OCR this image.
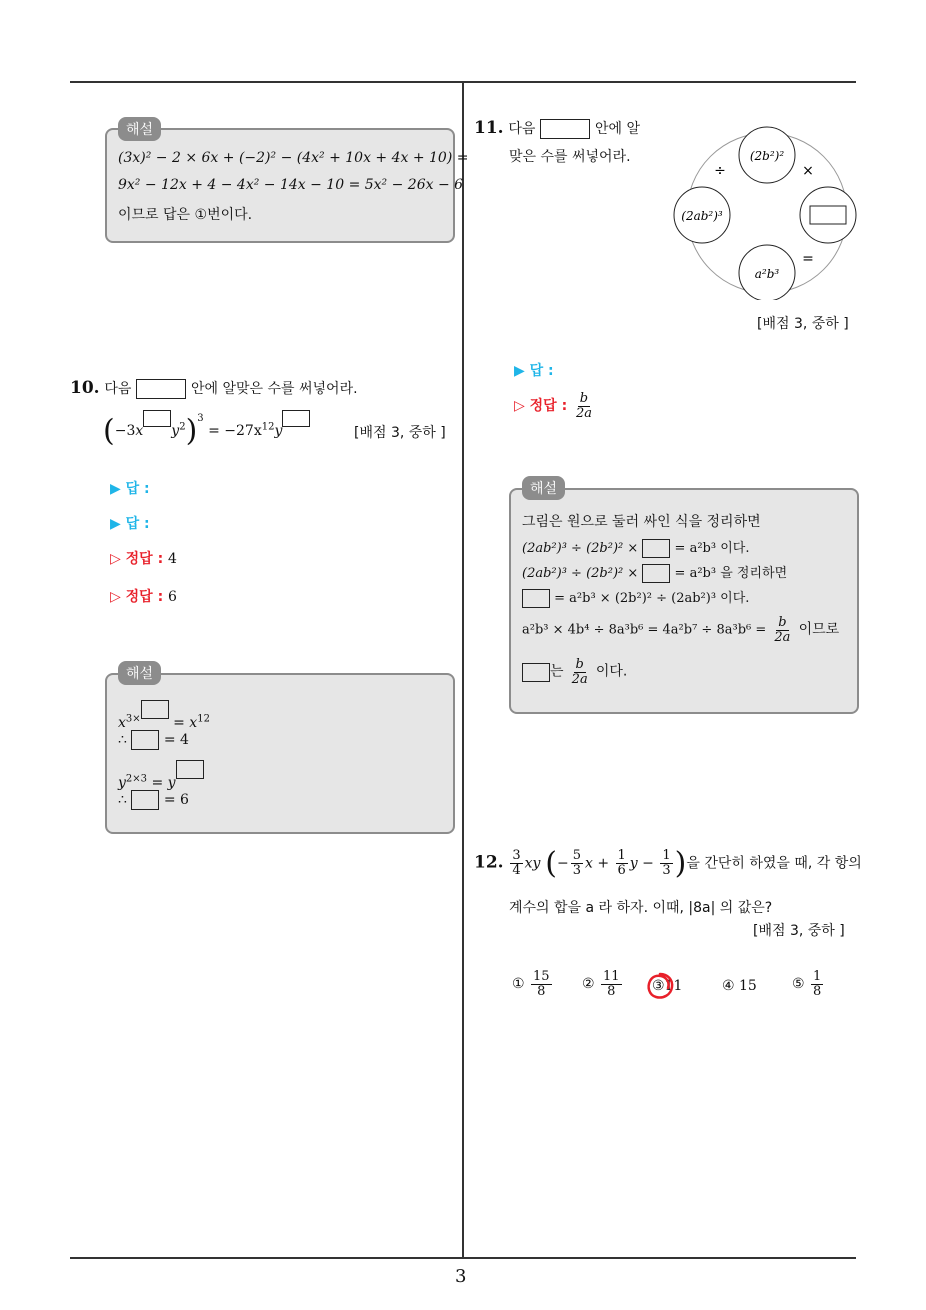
3
해설
(3x)² − 2 × 6x + (−2)² − (4x² + 10x + 4x + 10) =
9x² − 12x + 4 − 4x² − 14x − 10 = 5x² − 26x − 6
이므로 답은 ①번이다.
10. 다음	안에 알맞은 수를 써넣어라.
(−3x $y^2)^3 = -27x^{12}y$	[배점 3, 중하 ]
▶ 답 :
▶ 답 :
▷ 정답 : 4
▷ 정답 : 6
해설
$x^{3\times} = x^{12}$
∴	= 4
$y^{2\times 3} = y$
∴	= 6
11. 다음	안에 알
맞은 수를 써넣어라.	(2b²)²
(2ab²)³
a²b³
÷	×
=
[배점 3, 중하 ]
▶ 답 :
▷ 정답 : $\frac{b}{2a}$
해설
그림은 원으로 둘러 싸인 식을 정리하면
(2ab²)³ ÷ (2b²)² ×	= a²b³ 이다.
(2ab²)³ ÷ (2b²)² ×	= a²b³ 을 정리하면
= a²b³ × (2b²)² ÷ (2ab²)³ 이다.
$a^2b^3 \times 4b^4 \div 8a^3b^6 = 4a^2b^7 \div 8a^3b^6 = \frac{b}{2a}$ 이므로
는 $\frac{b}{2a}$ 이다.
12. $\frac{3}{4}$ xy (− $\frac{5}{3}$ $x + \frac{1}{6}$ $y - \frac{1}{3}$ )을 간단히 하였을 때, 각 항의
계수의 합을 a 라 하자. 이때, |8a| 의 값은?
[배점 3, 중하 ]
① $\frac{15}{8}$ ② $\frac{11}{8}$ ③11	④ 15	⑤ $\frac{1}{8}$
